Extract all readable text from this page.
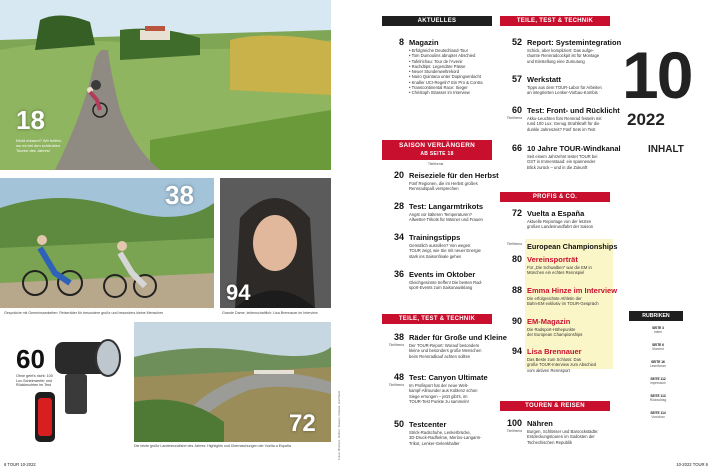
18
Nicht erkannt? Wir helfen, wo es bei den schönsten Touren des Jahres!
38
94
Gespräche mit Gemeinsamkeiten: Reiseräder für besondere große und besonders kleine Menschen	Grande Dame, leidenschaftlich: Lisa Brennauer im Interview
60
Ohne geht's nicht: 100 Lux-Scheinwerfer und Rückleuchten im Test
72
Die letzte große Landesrundfahrt des Jahres: Highlights und Überraschungen der Vuelta a España	Fotos: Büchers, Rother, Teasers, Drabek, Hochheim
AKTUELLES
8 Magazin
• Erfolgreiche Deutschland-Tour
• Tom Dumoulins abrupter Abschied
• Tafelrichau: Tour de l'Avenir
• Rachdtips: Legendäre Pässe
• Neuer Stundenweltrekord
• Nairo Quintana unter Dopingverdacht
• Knaller UCI-Regeln? Ein Pro & Contra
• Transcontinental Race: Sieger
• Christoph Strasser im Interview
SAISON VERLÄNGERN
AB SEITE 18
Titelthema
20 Reiseziele für den Herbst
Fünf Regionen, die im Herbst großes
Rennradspaß versprechen
28 Test: Langarmtrikots
Angst vor kälteren Temperaturen?
Allwetter-Trikots für Männer und Frauen
34 Trainingstipps
Gemütlich ausrollen? Von wegen:
TOUR zeigt, wie Sie mit neuer Energie
stark ins Saisonfinale gehen
36 Events im Oktober
Gleichgesinnte treffen! Die besten Rad-
sport-Events zum Saisonausklang
TEILE, TEST & TECHNIK
38
Titelthema
Räder für Große und Kleine
Der TOUR-Report: Worauf besonders
kleine und besonders große Menschen
beim Rennradkauf achten sollten
48
Titelthema
Test: Canyon Ultimate
Im Profisport hat der neue Welt-
kampf-Allrounder aus Koblenz schon
Siege errungen – jetzt gibt's, im
TOUR-Test Punkte zu sammeln!
50 Testcenter
Strick-Radschuhe, Lenkerbrücke,
3D-Druck-Radhelme, Merino-Langarm-
Trikot, Lenker-Gelenkhalter
TEILE, TEST & TECHNIK
52 Report: Systemintegration
Schick, aber kompliziert: Das aufge-
räumte Rennradcockpit ist für Montage
und Einstellung eine Zumutung
57 Werkstatt
Tipps aus dem TOUR-Labor für Arbeiten
an integrierten Lenker-Vorbau-Kombis
60
Titelthema
Test: Front- und Rücklicht
Akku-Leuchten fürs Rennrad fesseln mit
rund 100 Lux: Genug Strahlkraft für die
dunkle Jahreszeit? Fünf Sets im Test
66 10 Jahre TOUR-Windkanal
Seit einem Jahrzehnt testet TOUR bei
GST in Immenstaad: ein spannender
Blick zurück – und in die Zukunft
PROFIS & CO.
72 Vuelta a España
Aktuelle Reportage von der letzten
großen Landesrundfahrt der Saison
Titelthema European Championships
80 Vereinsporträt
Für „Die Schwalben" war die EM in
München ein echtes Rennspiel
88 Emma Hinze im Interview
Die erfolgreichste Athletin der
Bahn-EM exklusiv im TOUR-Gespräch
90 EM-Magazin
Die Radsport-Höhepunkte
der European Championships
94 Lisa Brennauer
Das Beste zum Schluss: Das
große TOUR-Interview zum Abschied
vom aktiven Rennsport
TOUREN & REISEN
100
Titelthema
Nähren
Burgen, Schlösser und Baroockstädte:
Entdeckungstouren im Südosten der
Tschechischen Republik
10
2022
INHALT
RUBRIKEN
SEITE 3
Intern
SEITE 6
Moment
SEITE 16
Leserforum
SEITE 112
Impressum
SEITE 113
Rückschlag
SEITE 114
Vorschau
6 TOUR 10-2022	10-2022 TOUR 6
